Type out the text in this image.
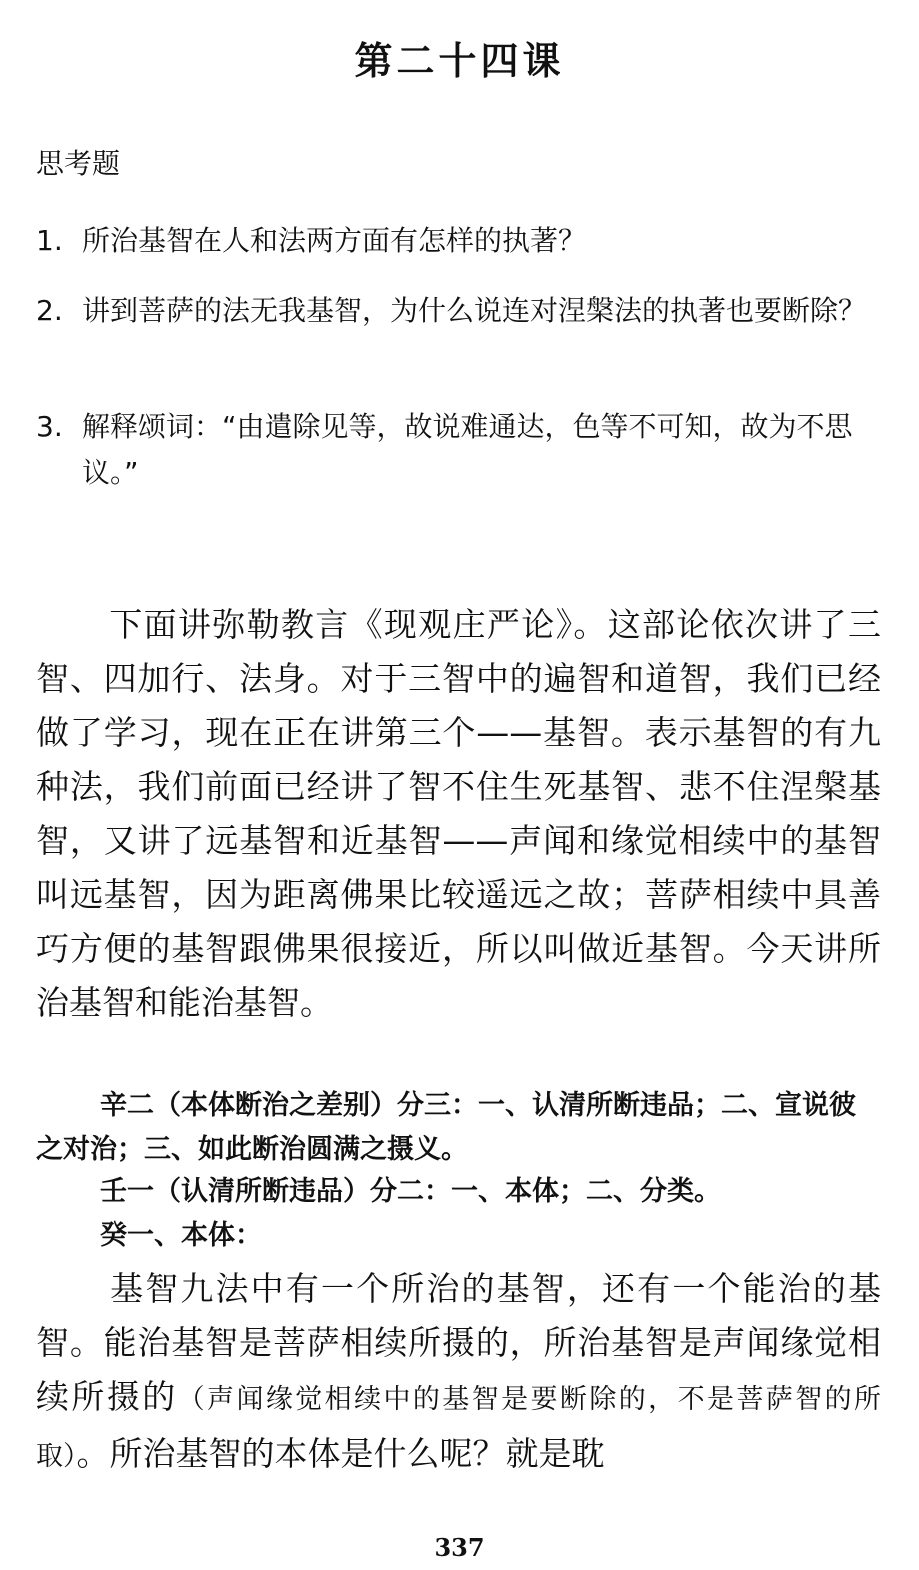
第二十四课
思考题
1. 所治基智在人和法两方面有怎样的执著？
2. 讲到菩萨的法无我基智，为什么说连对涅槃法的执著也要断除？
3. 解释颂词：“由遣除见等，故说难通达，色等不可知，故为不思议。”
下面讲弥勒教言《现观庄严论》。这部论依次讲了三智、四加行、法身。对于三智中的遍智和道智，我们已经做了学习，现在正在讲第三个——基智。表示基智的有九种法，我们前面已经讲了智不住生死基智、悲不住涅槃基智，又讲了远基智和近基智——声闻和缘觉相续中的基智叫远基智，因为距离佛果比较遥远之故；菩萨相续中具善巧方便的基智跟佛果很接近，所以叫做近基智。今天讲所治基智和能治基智。
辛二（本体断治之差别）分三：一、认清所断违品；二、宣说彼之对治；三、如此断治圆满之摄义。
壬一（认清所断违品）分二：一、本体；二、分类。
癸一、本体：
基智九法中有一个所治的基智，还有一个能治的基智。能治基智是菩萨相续所摄的，所治基智是声闻缘觉相续所摄的（声闻缘觉相续中的基智是要断除的，不是菩萨智的所取）。所治基智的本体是什么呢？就是耽
337
